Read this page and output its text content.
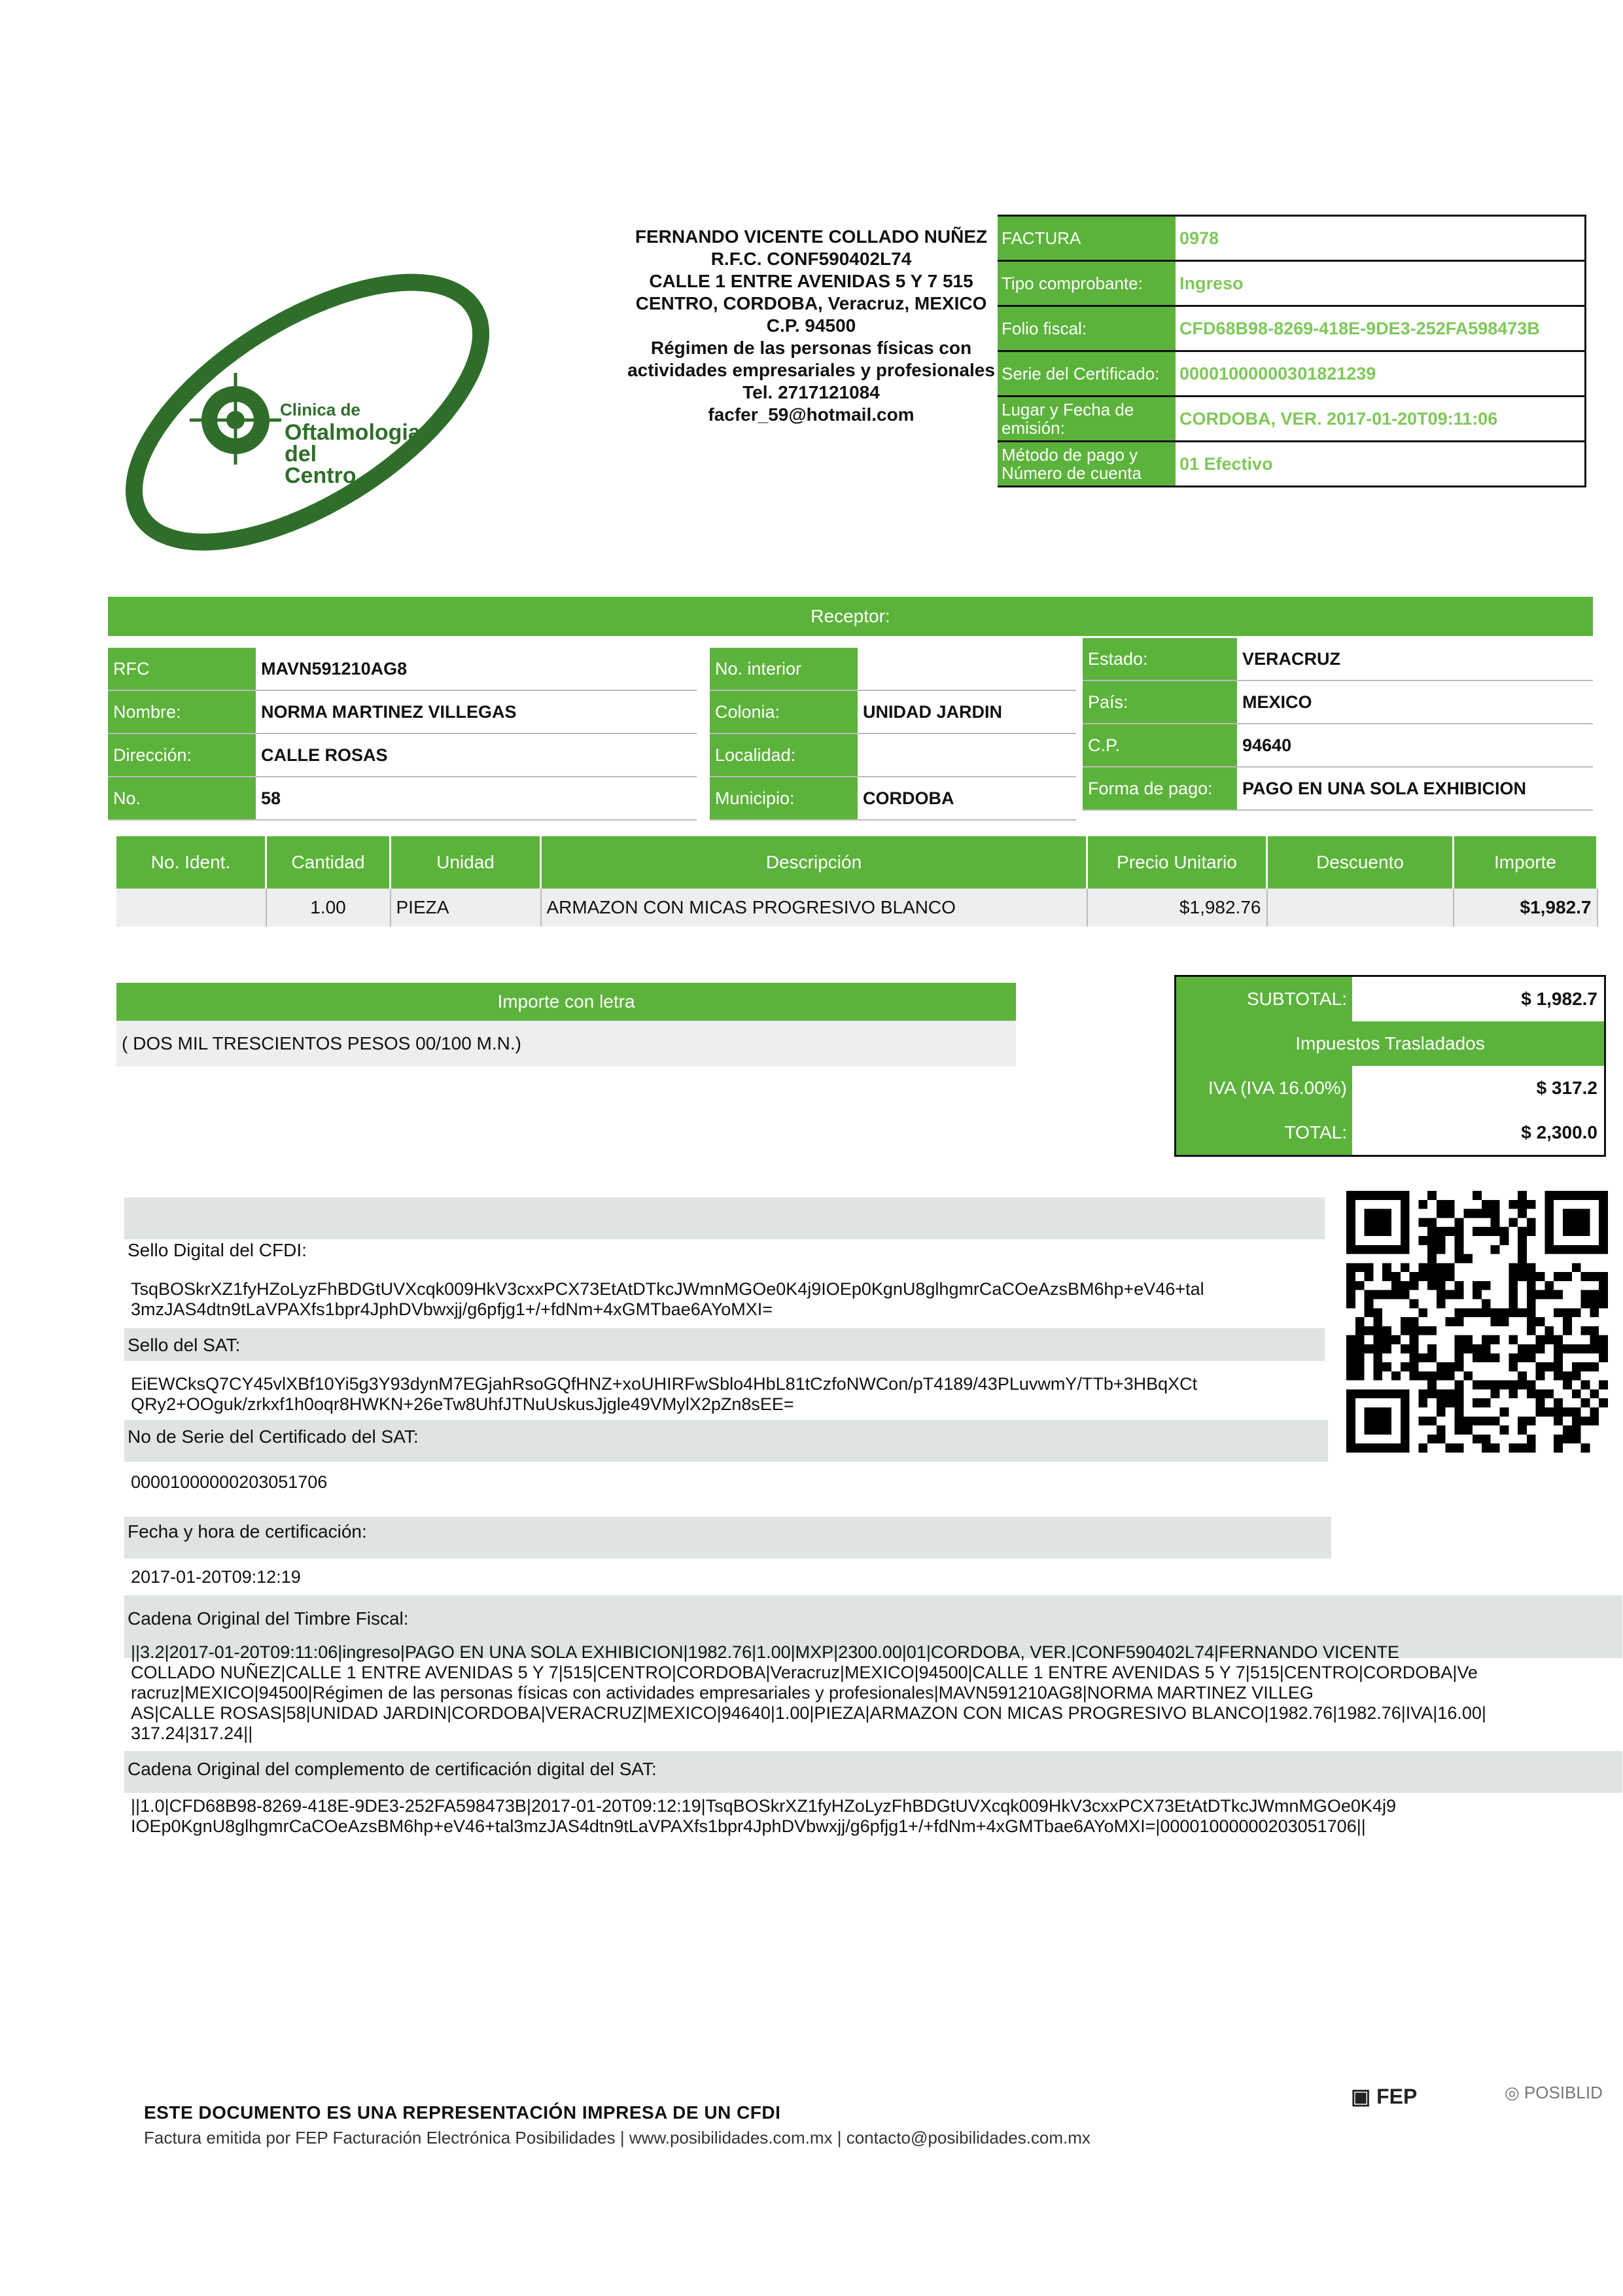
Clinica de
Oftalmologia
del
Centro
FERNANDO VICENTE COLLADO NUÑEZ
R.F.C. CONF590402L74
CALLE 1 ENTRE AVENIDAS 5 Y 7 515
CENTRO, CORDOBA, Veracruz, MEXICO
C.P. 94500
Régimen de las personas físicas con
actividades empresariales y profesionales
Tel. 2717121084
facfer_59@hotmail.com
FACTURA	0978
Tipo comprobante:	Ingreso
Folio fiscal:	CFD68B98-8269-418E-9DE3-252FA598473B
Serie del Certificado:	00001000000301821239
Lugar y Fecha de emisión:	CORDOBA, VER. 2017-01-20T09:11:06
Método de pago y Número de cuenta	01 Efectivo
Receptor:
RFC	MAVN591210AG8
Nombre:	NORMA MARTINEZ VILLEGAS
Dirección:	CALLE ROSAS
No.	58
No. interior	
Colonia:	UNIDAD JARDIN
Localidad:	
Municipio:	CORDOBA
Estado:	VERACRUZ
País:	MEXICO
C.P.	94640
Forma de pago:	PAGO EN UNA SOLA EXHIBICION
No. Ident.	Cantidad	Unidad	Descripción	Precio Unitario	Descuento	Importe
	1.00	PIEZA	ARMAZON CON MICAS PROGRESIVO BLANCO	$1,982.76		$1,982.7
Importe con letra
( DOS MIL TRESCIENTOS PESOS 00/100 M.N.)
SUBTOTAL:	$ 1,982.7
Impuestos Trasladados	
IVA (IVA 16.00%)	$ 317.2
TOTAL:	$ 2,300.0
Sello Digital del CFDI:
TsqBOSkrXZ1fyHZoLyzFhBDGtUVXcqk009HkV3cxxPCX73EtAtDTkcJWmnMGOe0K4j9IOEp0KgnU8glhgmrCaCOeAzsBM6hp+eV46+tal
3mzJAS4dtn9tLaVPAXfs1bpr4JphDVbwxjj/g6pfjg1+/+fdNm+4xGMTbae6AYoMXI=
Sello del SAT:
EiEWCksQ7CY45vlXBf10Yi5g3Y93dynM7EGjahRsoGQfHNZ+xoUHIRFwSblo4HbL81tCzfoNWCon/pT4189/43PLuvwmY/TTb+3HBqXCt
QRy2+OOguk/zrkxf1h0oqr8HWKN+26eTw8UhfJTNuUskusJjgle49VMylX2pZn8sEE=
No de Serie del Certificado del SAT:
00001000000203051706
Fecha y hora de certificación:
2017-01-20T09:12:19
Cadena Original del Timbre Fiscal:
||3.2|2017-01-20T09:11:06|ingreso|PAGO EN UNA SOLA EXHIBICION|1982.76|1.00|MXP|2300.00|01|CORDOBA, VER.|CONF590402L74|FERNANDO VICENTE
COLLADO NUÑEZ|CALLE 1 ENTRE AVENIDAS 5 Y 7|515|CENTRO|CORDOBA|Veracruz|MEXICO|94500|CALLE 1 ENTRE AVENIDAS 5 Y 7|515|CENTRO|CORDOBA|Ve
racruz|MEXICO|94500|Régimen de las personas físicas con actividades empresariales y profesionales|MAVN591210AG8|NORMA MARTINEZ VILLEG
AS|CALLE ROSAS|58|UNIDAD JARDIN|CORDOBA|VERACRUZ|MEXICO|94640|1.00|PIEZA|ARMAZON CON MICAS PROGRESIVO BLANCO|1982.76|1982.76|IVA|16.00|
317.24|317.24||
Cadena Original del complemento de certificación digital del SAT:
||1.0|CFD68B98-8269-418E-9DE3-252FA598473B|2017-01-20T09:12:19|TsqBOSkrXZ1fyHZoLyzFhBDGtUVXcqk009HkV3cxxPCX73EtAtDTkcJWmnMGOe0K4j9
IOEp0KgnU8glhgmrCaCOeAzsBM6hp+eV46+tal3mzJAS4dtn9tLaVPAXfs1bpr4JphDVbwxjj/g6pfjg1+/+fdNm+4xGMTbae6AYoMXI=|00001000000203051706||
ESTE DOCUMENTO ES UNA REPRESENTACIÓN IMPRESA DE UN CFDI
Factura emitida por FEP Facturación Electrónica Posibilidades | www.posibilidades.com.mx | contacto@posibilidades.com.mx
▣ FEP	◎ POSIBLID
